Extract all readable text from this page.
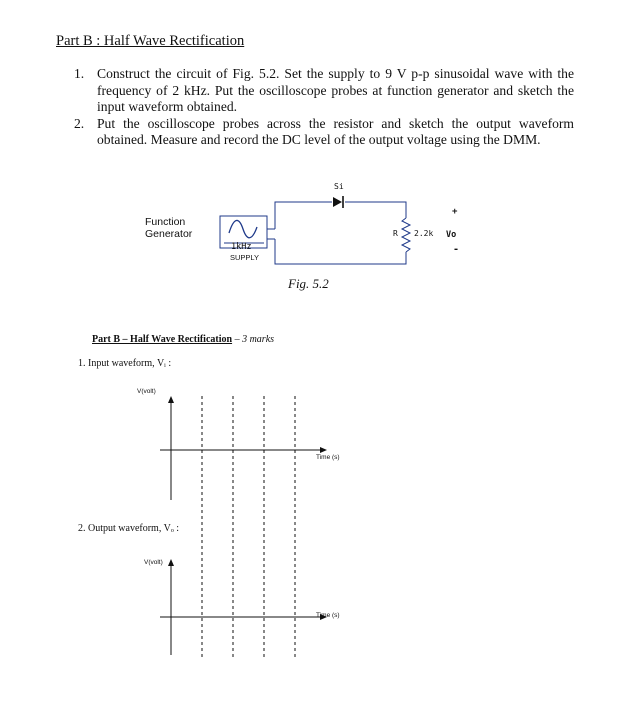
Part B : Half Wave Rectification
1. Construct the circuit of Fig. 5.2. Set the supply to 9 V p-p sinusoidal wave with the frequency of 2 kHz. Put the oscilloscope probes at function generator and sketch the input waveform obtained.
2. Put the oscilloscope probes across the resistor and sketch the output waveform obtained. Measure and record the DC level of the output voltage using the DMM.
Function
Generator
1kHz
SUPPLY
Si
R 2.2k Vo
+
-
Fig. 5.2
Part B – Half Wave Rectification – 3 marks
1. Input waveform, Vᵢ :
V(volt)
Time (s)
2. Output waveform, Vₒ :
V(volt)
Time (s)
